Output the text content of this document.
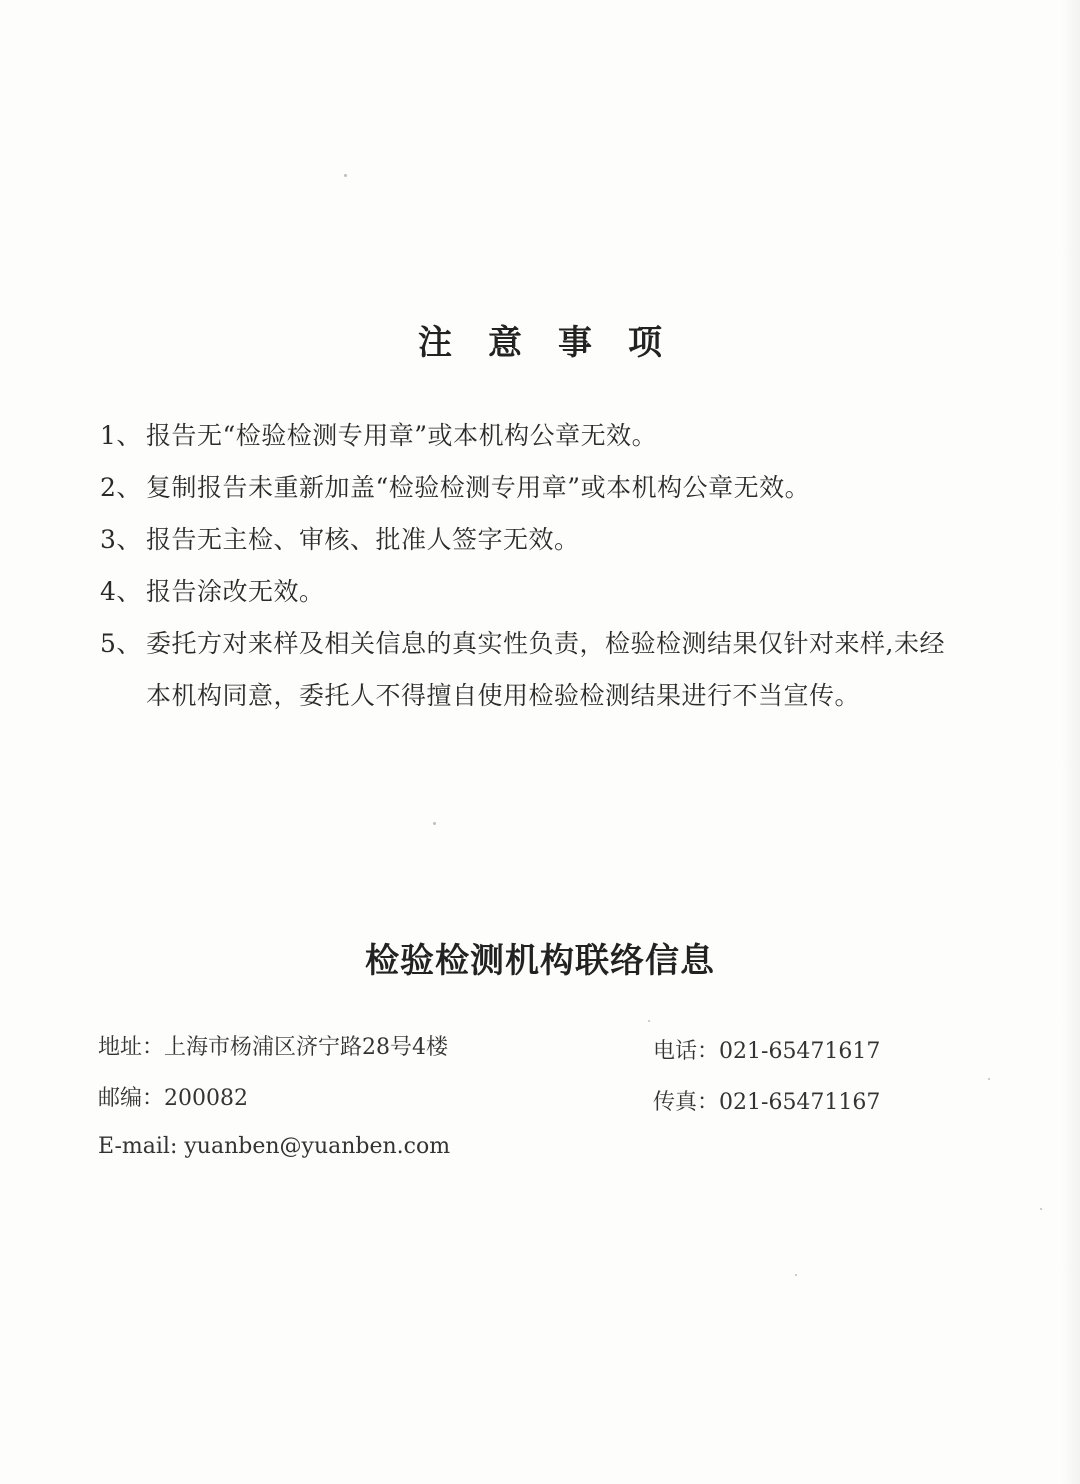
注意事项
1、 报告无“检验检测专用章”或本机构公章无效。
2、 复制报告未重新加盖“检验检测专用章”或本机构公章无效。
3、 报告无主检、审核、批准人签字无效。
4、 报告涂改无效。
5、 委托方对来样及相关信息的真实性负责，检验检测结果仅针对来样,未经本机构同意，委托人不得擅自使用检验检测结果进行不当宣传。
检验检测机构联络信息
地址：上海市杨浦区济宁路28号4楼	电话：021-65471617
邮编：200082	传真：021-65471167
E-mail: yuanben@yuanben.com
